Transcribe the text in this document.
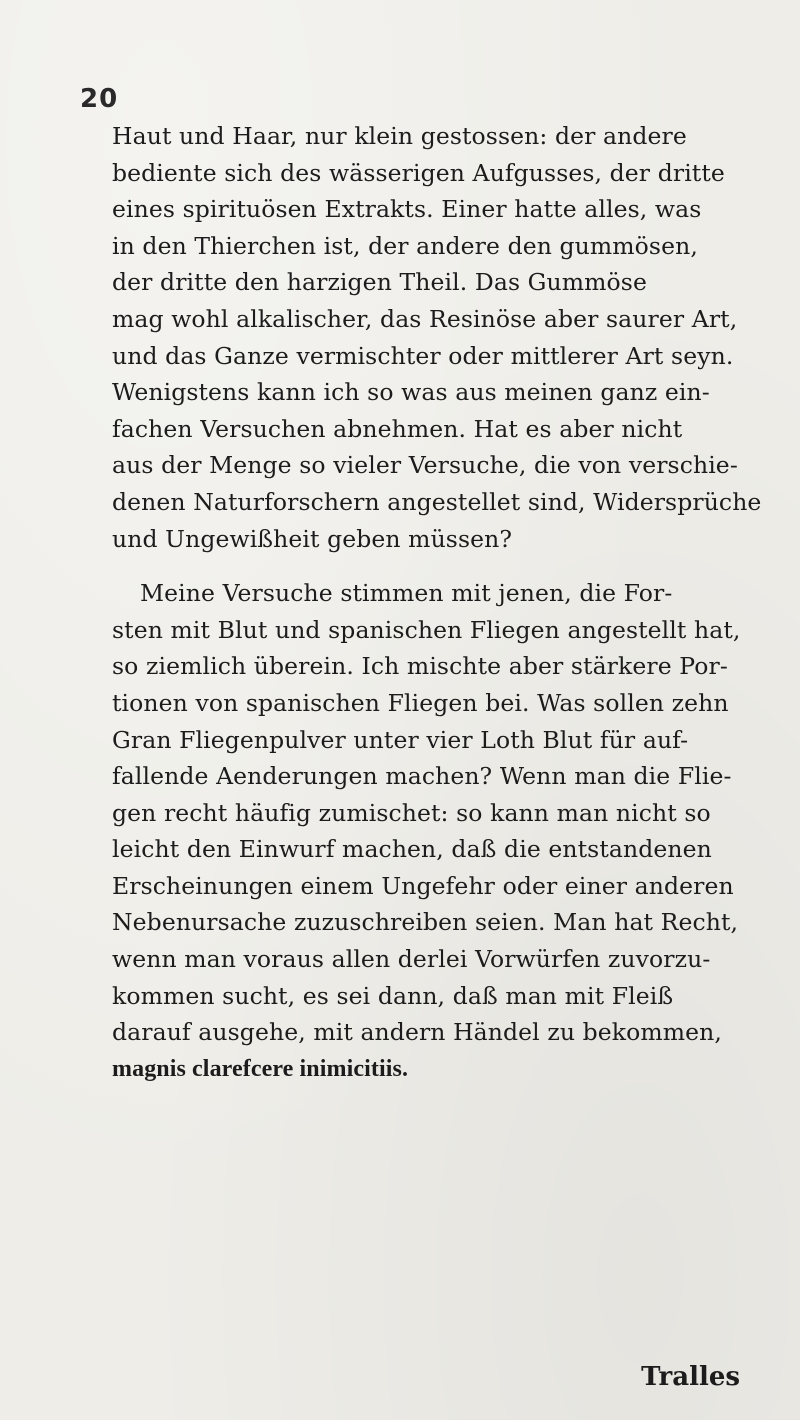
20
Haut und Haar, nur klein gestossen: der andere
bediente sich des wässerigen Aufgusses, der dritte
eines spirituösen Extrakts. Einer hatte alles, was
in den Thierchen ist, der andere den gummösen,
der dritte den harzigen Theil. Das Gummöse
mag wohl alkalischer, das Resinöse aber saurer Art,
und das Ganze vermischter oder mittlerer Art seyn.
Wenigstens kann ich so was aus meinen ganz ein-
fachen Versuchen abnehmen. Hat es aber nicht
aus der Menge so vieler Versuche, die von verschie-
denen Naturforschern angestellet sind, Widersprüche
und Ungewißheit geben müssen?
Meine Versuche stimmen mit jenen, die For-
sten mit Blut und spanischen Fliegen angestellt hat,
so ziemlich überein. Ich mischte aber stärkere Por-
tionen von spanischen Fliegen bei. Was sollen zehn
Gran Fliegenpulver unter vier Loth Blut für auf-
fallende Aenderungen machen? Wenn man die Flie-
gen recht häufig zumischet: so kann man nicht so
leicht den Einwurf machen, daß die entstandenen
Erscheinungen einem Ungefehr oder einer anderen
Nebenursache zuzuschreiben seien. Man hat Recht,
wenn man voraus allen derlei Vorwürfen zuvorzu-
kommen sucht, es sei dann, daß man mit Fleiß
darauf ausgehe, mit andern Händel zu bekommen,
magnis clarefcere inimicitiis.
Tralles
